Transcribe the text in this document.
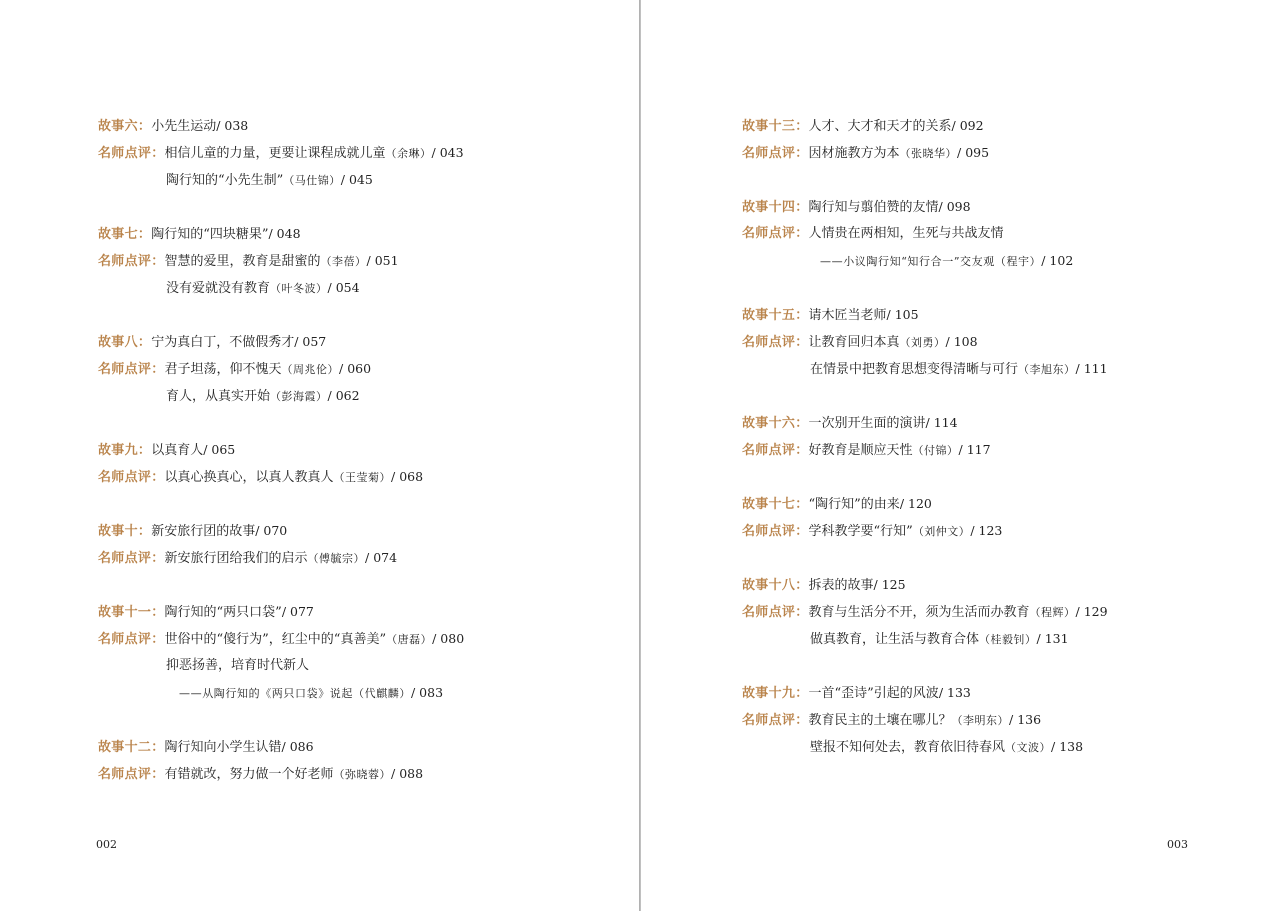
故事六： 小先生运动 / 038
名师点评： 相信儿童的力量，更要让课程成就儿童 （余琳） / 043
陶行知的“小先生制” （马仕锦） / 045
故事七： 陶行知的“四块糖果” / 048
名师点评： 智慧的爱里，教育是甜蜜的 （李蓓） / 051
没有爱就没有教育 （叶冬波） / 054
故事八： 宁为真白丁，不做假秀才 / 057
名师点评： 君子坦荡，仰不愧天 （周兆伦） / 060
育人，从真实开始 （彭海霞） / 062
故事九： 以真育人 / 065
名师点评： 以真心换真心，以真人教真人 （王莹菊） / 068
故事十： 新安旅行团的故事 / 070
名师点评： 新安旅行团给我们的启示 （傅毓宗） / 074
故事十一： 陶行知的“两只口袋” / 077
名师点评： 世俗中的“傻行为”，红尘中的“真善美” （唐磊） / 080
抑恶扬善，培育时代新人
——从陶行知的《两只口袋》说起（代麒麟） / 083
故事十二： 陶行知向小学生认错 / 086
名师点评： 有错就改，努力做一个好老师 （弥晓蓉） / 088
002
故事十三： 人才、大才和天才的关系 / 092
名师点评： 因材施教方为本 （张晓华） / 095
故事十四： 陶行知与翦伯赞的友情 / 098
名师点评： 人情贵在两相知，生死与共战友情
——小议陶行知“知行合一”交友观（程宇） / 102
故事十五： 请木匠当老师 / 105
名师点评： 让教育回归本真 （刘勇） / 108
在情景中把教育思想变得清晰与可行 （李旭东） / 111
故事十六： 一次别开生面的演讲 / 114
名师点评： 好教育是顺应天性 （付锦） / 117
故事十七： “陶行知”的由来 / 120
名师点评： 学科教学要“行知” （刘仲文） / 123
故事十八： 拆表的故事 / 125
名师点评： 教育与生活分不开，须为生活而办教育 （程辉） / 129
做真教育，让生活与教育合体 （桂毅钊） / 131
故事十九： 一首“歪诗”引起的风波 / 133
名师点评： 教育民主的土壤在哪儿？ （李明东） / 136
壁报不知何处去，教育依旧待春风 （文波） / 138
003
